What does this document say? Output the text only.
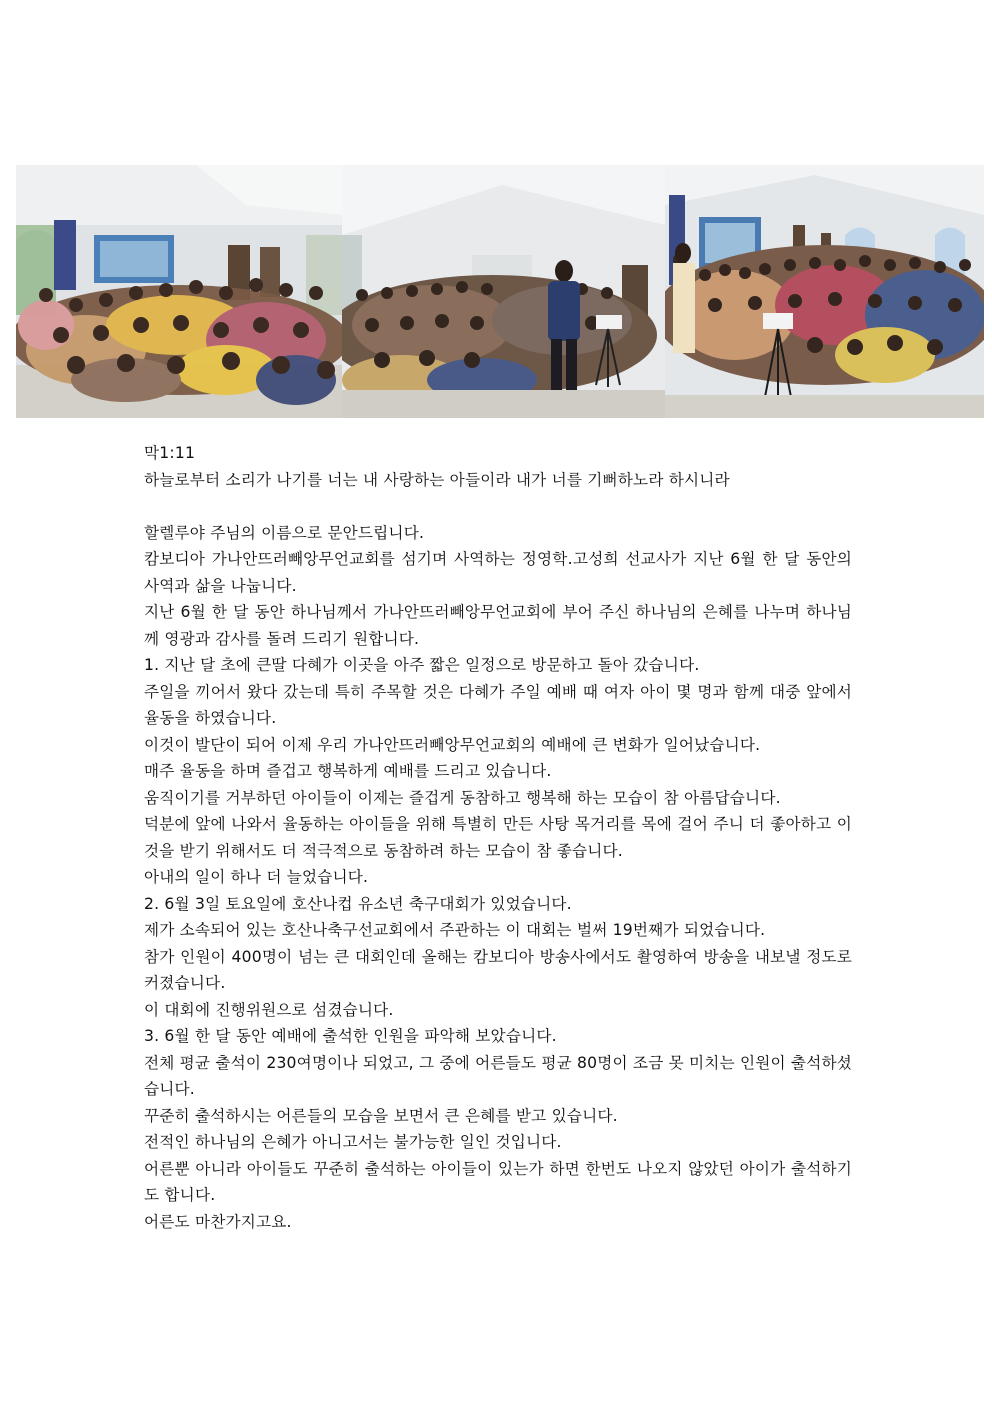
막1:11

하늘로부터 소리가 나기를 너는 내 사랑하는 아들이라 내가 너를 기뻐하노라 하시니라

할렐루야 주님의 이름으로 문안드립니다.

캄보디아 가나안뜨러빼앙무언교회를 섬기며 사역하는 정영학․고성희 선교사가 지난 6월 한 달 동안의 사역과 삶을 나눕니다.

지난 6월 한 달 동안 하나님께서 가나안뜨러빼앙무언교회에 부어 주신 하나님의 은혜를 나누며 하나님께 영광과 감사를 돌려 드리기 원합니다.

1. 지난 달 초에 큰딸 다혜가 이곳을 아주 짧은 일정으로 방문하고 돌아 갔습니다.

주일을 끼어서 왔다 갔는데 특히 주목할 것은 다혜가 주일 예배 때 여자 아이 몇 명과 함께 대중 앞에서 율동을 하였습니다.

이것이 발단이 되어 이제 우리 가나안뜨러빼앙무언교회의 예배에 큰 변화가 일어났습니다.

매주 율동을 하며 즐겁고 행복하게 예배를 드리고 있습니다.

움직이기를 거부하던 아이들이 이제는 즐겁게 동참하고 행복해 하는 모습이 참 아름답습니다.

덕분에 앞에 나와서 율동하는 아이들을 위해 특별히 만든 사탕 목거리를 목에 걸어 주니 더 좋아하고 이것을 받기 위해서도 더 적극적으로 동참하려 하는 모습이 참 좋습니다.

아내의 일이 하나 더 늘었습니다.

2. 6월 3일 토요일에 호산나컵 유소년 축구대회가 있었습니다.

제가 소속되어 있는 호산나축구선교회에서 주관하는 이 대회는 벌써 19번째가 되었습니다.

참가 인원이 400명이 넘는 큰 대회인데 올해는 캄보디아 방송사에서도 촬영하여 방송을 내보낼 정도로 커졌습니다.

이 대회에 진행위원으로 섬겼습니다.

3. 6월 한 달 동안 예배에 출석한 인원을 파악해 보았습니다.

전체 평균 출석이 230여명이나 되었고, 그 중에 어른들도 평균 80명이 조금 못 미치는 인원이 출석하셨습니다.

꾸준히 출석하시는 어른들의 모습을 보면서 큰 은혜를 받고 있습니다.

전적인 하나님의 은혜가 아니고서는 불가능한 일인 것입니다.

어른뿐 아니라 아이들도 꾸준히 출석하는 아이들이 있는가 하면 한번도 나오지 않았던 아이가 출석하기도 합니다.

어른도 마찬가지고요.
